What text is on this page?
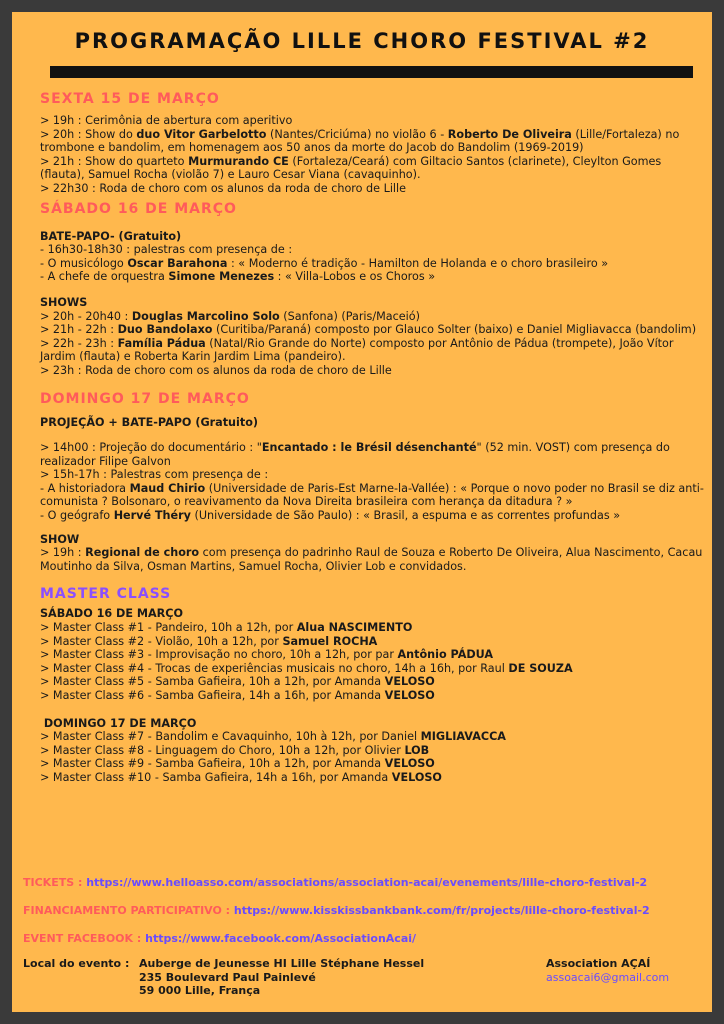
PROGRAMAÇÃO LILLE CHORO FESTIVAL #2
SEXTA 15 DE MARÇO
> 19h : Cerimônia de abertura com aperitivo
> 20h : Show do duo Vitor Garbelotto (Nantes/Criciúma) no violão 6 - Roberto De Oliveira (Lille/Fortaleza) no trombone e bandolim, em homenagem aos 50 anos da morte do Jacob do Bandolim (1969-2019)
> 21h : Show do quarteto Murmurando CE (Fortaleza/Ceará) com Giltacio Santos (clarinete), Cleylton Gomes (flauta), Samuel Rocha (violão 7) e Lauro Cesar Viana (cavaquinho).
> 22h30 : Roda de choro com os alunos da roda de choro de Lille
SÁBADO 16 DE MARÇO
BATE-PAPO- (Gratuito)
- 16h30-18h30 : palestras com presença de :
- O musicólogo Oscar Barahona : « Moderno é tradição - Hamilton de Holanda e o choro brasileiro »
- A chefe de orquestra Simone Menezes : « Villa-Lobos e os Choros »
SHOWS
> 20h - 20h40 : Douglas Marcolino Solo (Sanfona) (Paris/Maceió)
> 21h - 22h : Duo Bandolaxo (Curitiba/Paraná) composto por Glauco Solter (baixo) e Daniel Migliavacca (bandolim)
> 22h - 23h : Família Pádua (Natal/Rio Grande do Norte) composto por Antônio de Pádua (trompete), João Vítor Jardim (flauta) e Roberta Karin Jardim Lima (pandeiro).
> 23h : Roda de choro com os alunos da roda de choro de Lille
DOMINGO 17 DE MARÇO
PROJEÇÃO + BATE-PAPO (Gratuito)
> 14h00 : Projeção do documentário : "Encantado : le Brésil désenchanté" (52 min. VOST) com presença do realizador Filipe Galvon
> 15h-17h : Palestras com presença de :
- A historiadora Maud Chirio (Universidade de Paris-Est Marne-la-Vallée) : « Porque o novo poder no Brasil se diz anti-comunista ? Bolsonaro, o reavivamento da Nova Direita brasileira com herança da ditadura ? »
- O geógrafo Hervé Théry (Universidade de São Paulo) : « Brasil, a espuma e as correntes profundas »
SHOW
> 19h : Regional de choro com presença do padrinho Raul de Souza e Roberto De Oliveira, Alua Nascimento, Cacau Moutinho da Silva, Osman Martins, Samuel Rocha, Olivier Lob e convidados.
MASTER CLASS
SÁBADO 16 DE MARÇO
> Master Class #1 - Pandeiro, 10h a 12h, por Alua NASCIMENTO
> Master Class #2 - Violão, 10h a 12h, por Samuel ROCHA
> Master Class #3 - Improvisação no choro, 10h a 12h, por par Antônio PÁDUA
> Master Class #4 - Trocas de experiências musicais no choro, 14h a 16h, por Raul DE SOUZA
> Master Class #5 - Samba Gafieira, 10h a 12h, por Amanda VELOSO
> Master Class #6 - Samba Gafieira, 14h a 16h, por Amanda VELOSO
DOMINGO 17 DE MARÇO
> Master Class #7 - Bandolim e Cavaquinho, 10h à 12h, por Daniel MIGLIAVACCA
> Master Class #8 - Linguagem do Choro, 10h a 12h, por Olivier LOB
> Master Class #9 - Samba Gafieira, 10h a 12h, por Amanda VELOSO
> Master Class #10 - Samba Gafieira, 14h a 16h, por Amanda VELOSO
TICKETS : https://www.helloasso.com/associations/association-acai/evenements/lille-choro-festival-2
FINANCIAMENTO PARTICIPATIVO : https://www.kisskissbankbank.com/fr/projects/lille-choro-festival-2
EVENT FACEBOOK : https://www.facebook.com/AssociationAcai/
Local do evento : Auberge de Jeunesse HI Lille Stéphane Hessel
235 Boulevard Paul Painlevé
59 000 Lille, França
Association AÇAÍ
assoacai6@gmail.com
